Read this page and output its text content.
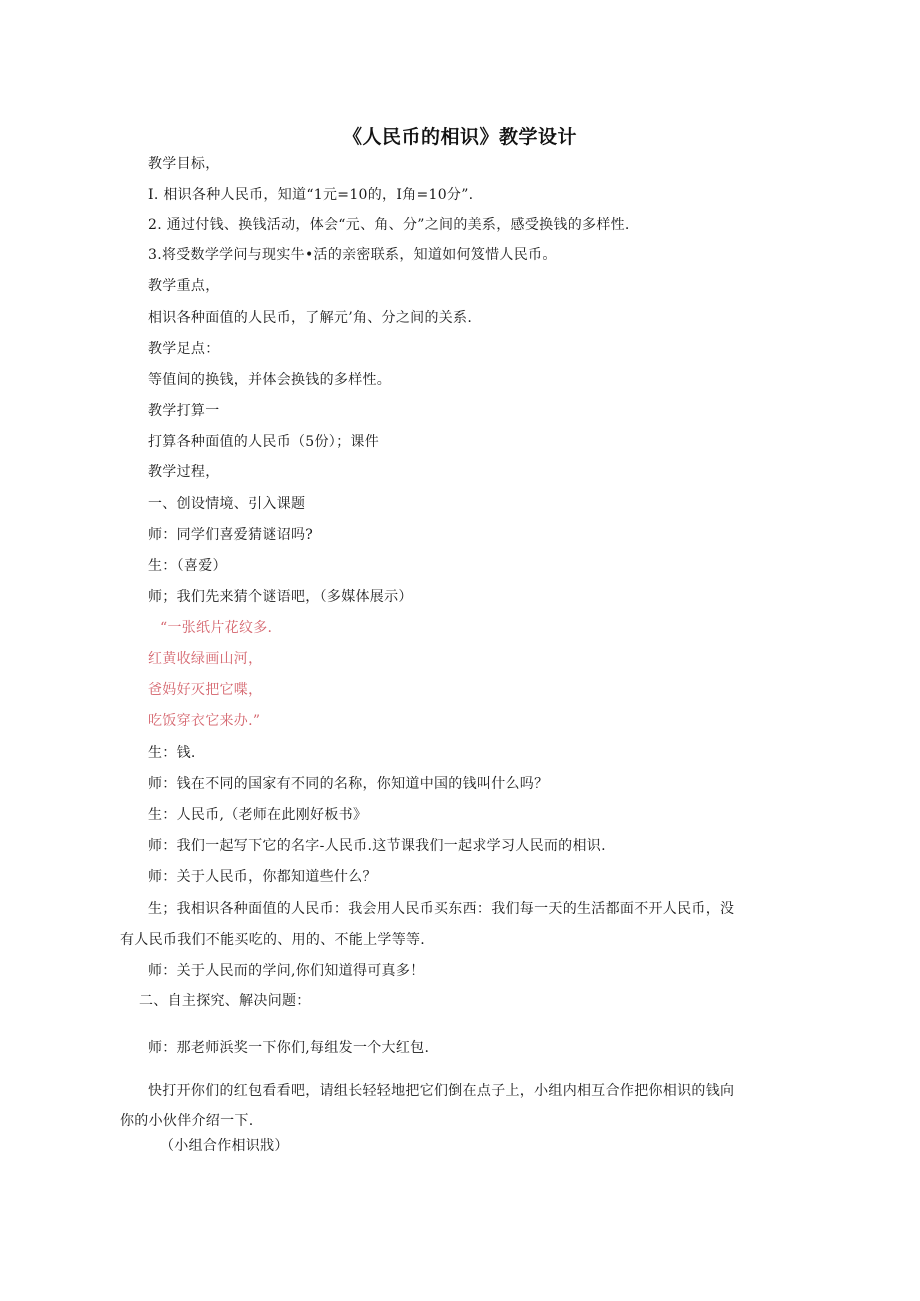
《人民币的相识》教学设计
教学目标，
I. 相识各种人民币，知道“1元=10的，I角=10分”.
2. 通过付钱、换钱活动，体会“元、角、分”之间的美系，感受换钱的多样性.
3.将受数学学问与现实牛•活的亲密联系，知道如何笈惜人民币。
教学重点，
相识各种面值的人民币，了解元’角、分之间的关系.
教学足点：
等值间的换钱，并体会换钱的多样性。
教学打算一
打算各种面值的人民币（5份）；课件
教学过程，
一、创设情境、引入课题
师：同学们喜爱猜谜诏吗?
生：（喜爱）
师；我们先来猜个谜语吧，（多媒体展示）
“一张纸片花纹多.
红黄收绿画山河，
爸妈好灭把它喋，
吃饭穿衣它来办.”
生：钱.
师：钱在不同的国家有不同的名称，你知道中国的钱叫什么吗？
生：人民币,（老师在此刚好板书》
师：我们一起写下它的名字-人民币.这节课我们一起求学习人民而的相识.
师：关于人民币，你都知道些什么？
生；我相识各种面值的人民币：我会用人民币买东西：我们每一天的生活都面不开人民币，没
有人民币我们不能买吃的、用的、不能上学等等.
师：关于人民而的学问,你们知道得可真多！
二、自主探究、解决问题：
师：那老师浜奖一下你们,每组发一个大红包.
快打开你们的红包看看吧，请组长轻轻地把它们倒在点子上，小组内相互合作把你相识的钱向
你的小伙伴介绍一下.
（小组合作相识戕）
